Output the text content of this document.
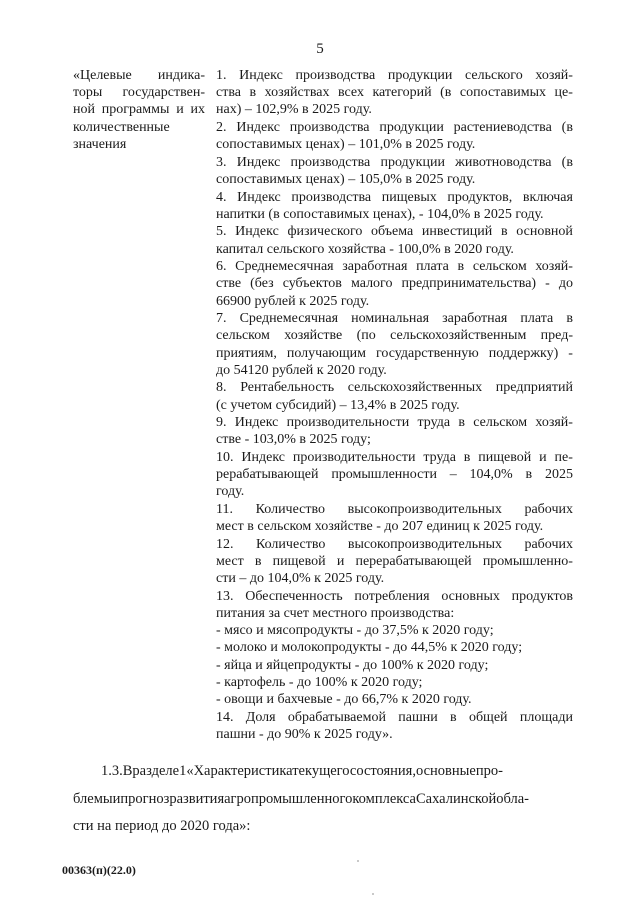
5
«Целевые индика-
торы государствен-
ной программы и их
количественные
значения
1. Индекс производства продукции сельского хозяй-
ства в хозяйствах всех категорий (в сопоставимых це-
нах) – 102,9% в 2025 году.
2. Индекс производства продукции растениеводства (в
сопоставимых ценах) – 101,0% в 2025 году.
3. Индекс производства продукции животноводства (в
сопоставимых ценах) – 105,0% в 2025 году.
4. Индекс производства пищевых продуктов, включая
напитки (в сопоставимых ценах), - 104,0% в 2025 году.
5. Индекс физического объема инвестиций в основной
капитал сельского хозяйства - 100,0% в 2020 году.
6. Среднемесячная заработная плата в сельском хозяй-
стве (без субъектов малого предпринимательства) - до
66900 рублей к 2025 году.
7. Среднемесячная номинальная заработная плата в
сельском хозяйстве (по сельскохозяйственным пред-
приятиям, получающим государственную поддержку) -
до 54120 рублей к 2020 году.
8. Рентабельность сельскохозяйственных предприятий
(с учетом субсидий) – 13,4% в 2025 году.
9. Индекс производительности труда в сельском хозяй-
стве - 103,0% в 2025 году;
10. Индекс производительности труда в пищевой и пе-
рерабатывающей промышленности – 104,0% в 2025
году.
11. Количество высокопроизводительных рабочих
мест в сельском хозяйстве - до 207 единиц к 2025 году.
12. Количество высокопроизводительных рабочих
мест в пищевой и перерабатывающей промышленно-
сти – до 104,0% к 2025 году.
13. Обеспеченность потребления основных продуктов
питания за счет местного производства:
- мясо и мясопродукты - до 37,5% к 2020 году;
- молоко и молокопродукты - до 44,5% к 2020 году;
- яйца и яйцепродукты - до 100% к 2020 году;
- картофель - до 100% к 2020 году;
- овощи и бахчевые - до 66,7% к 2020 году.
14. Доля обрабатываемой пашни в общей площади
пашни - до 90% к 2025 году».
1.3.Вразделе1«Характеристикатекущегосостояния,основныепро-
блемыипрогнозразвитияагропромышленногокомплексаСахалинскойобла-
сти на период до 2020 года»:
00363(п)(22.0)
